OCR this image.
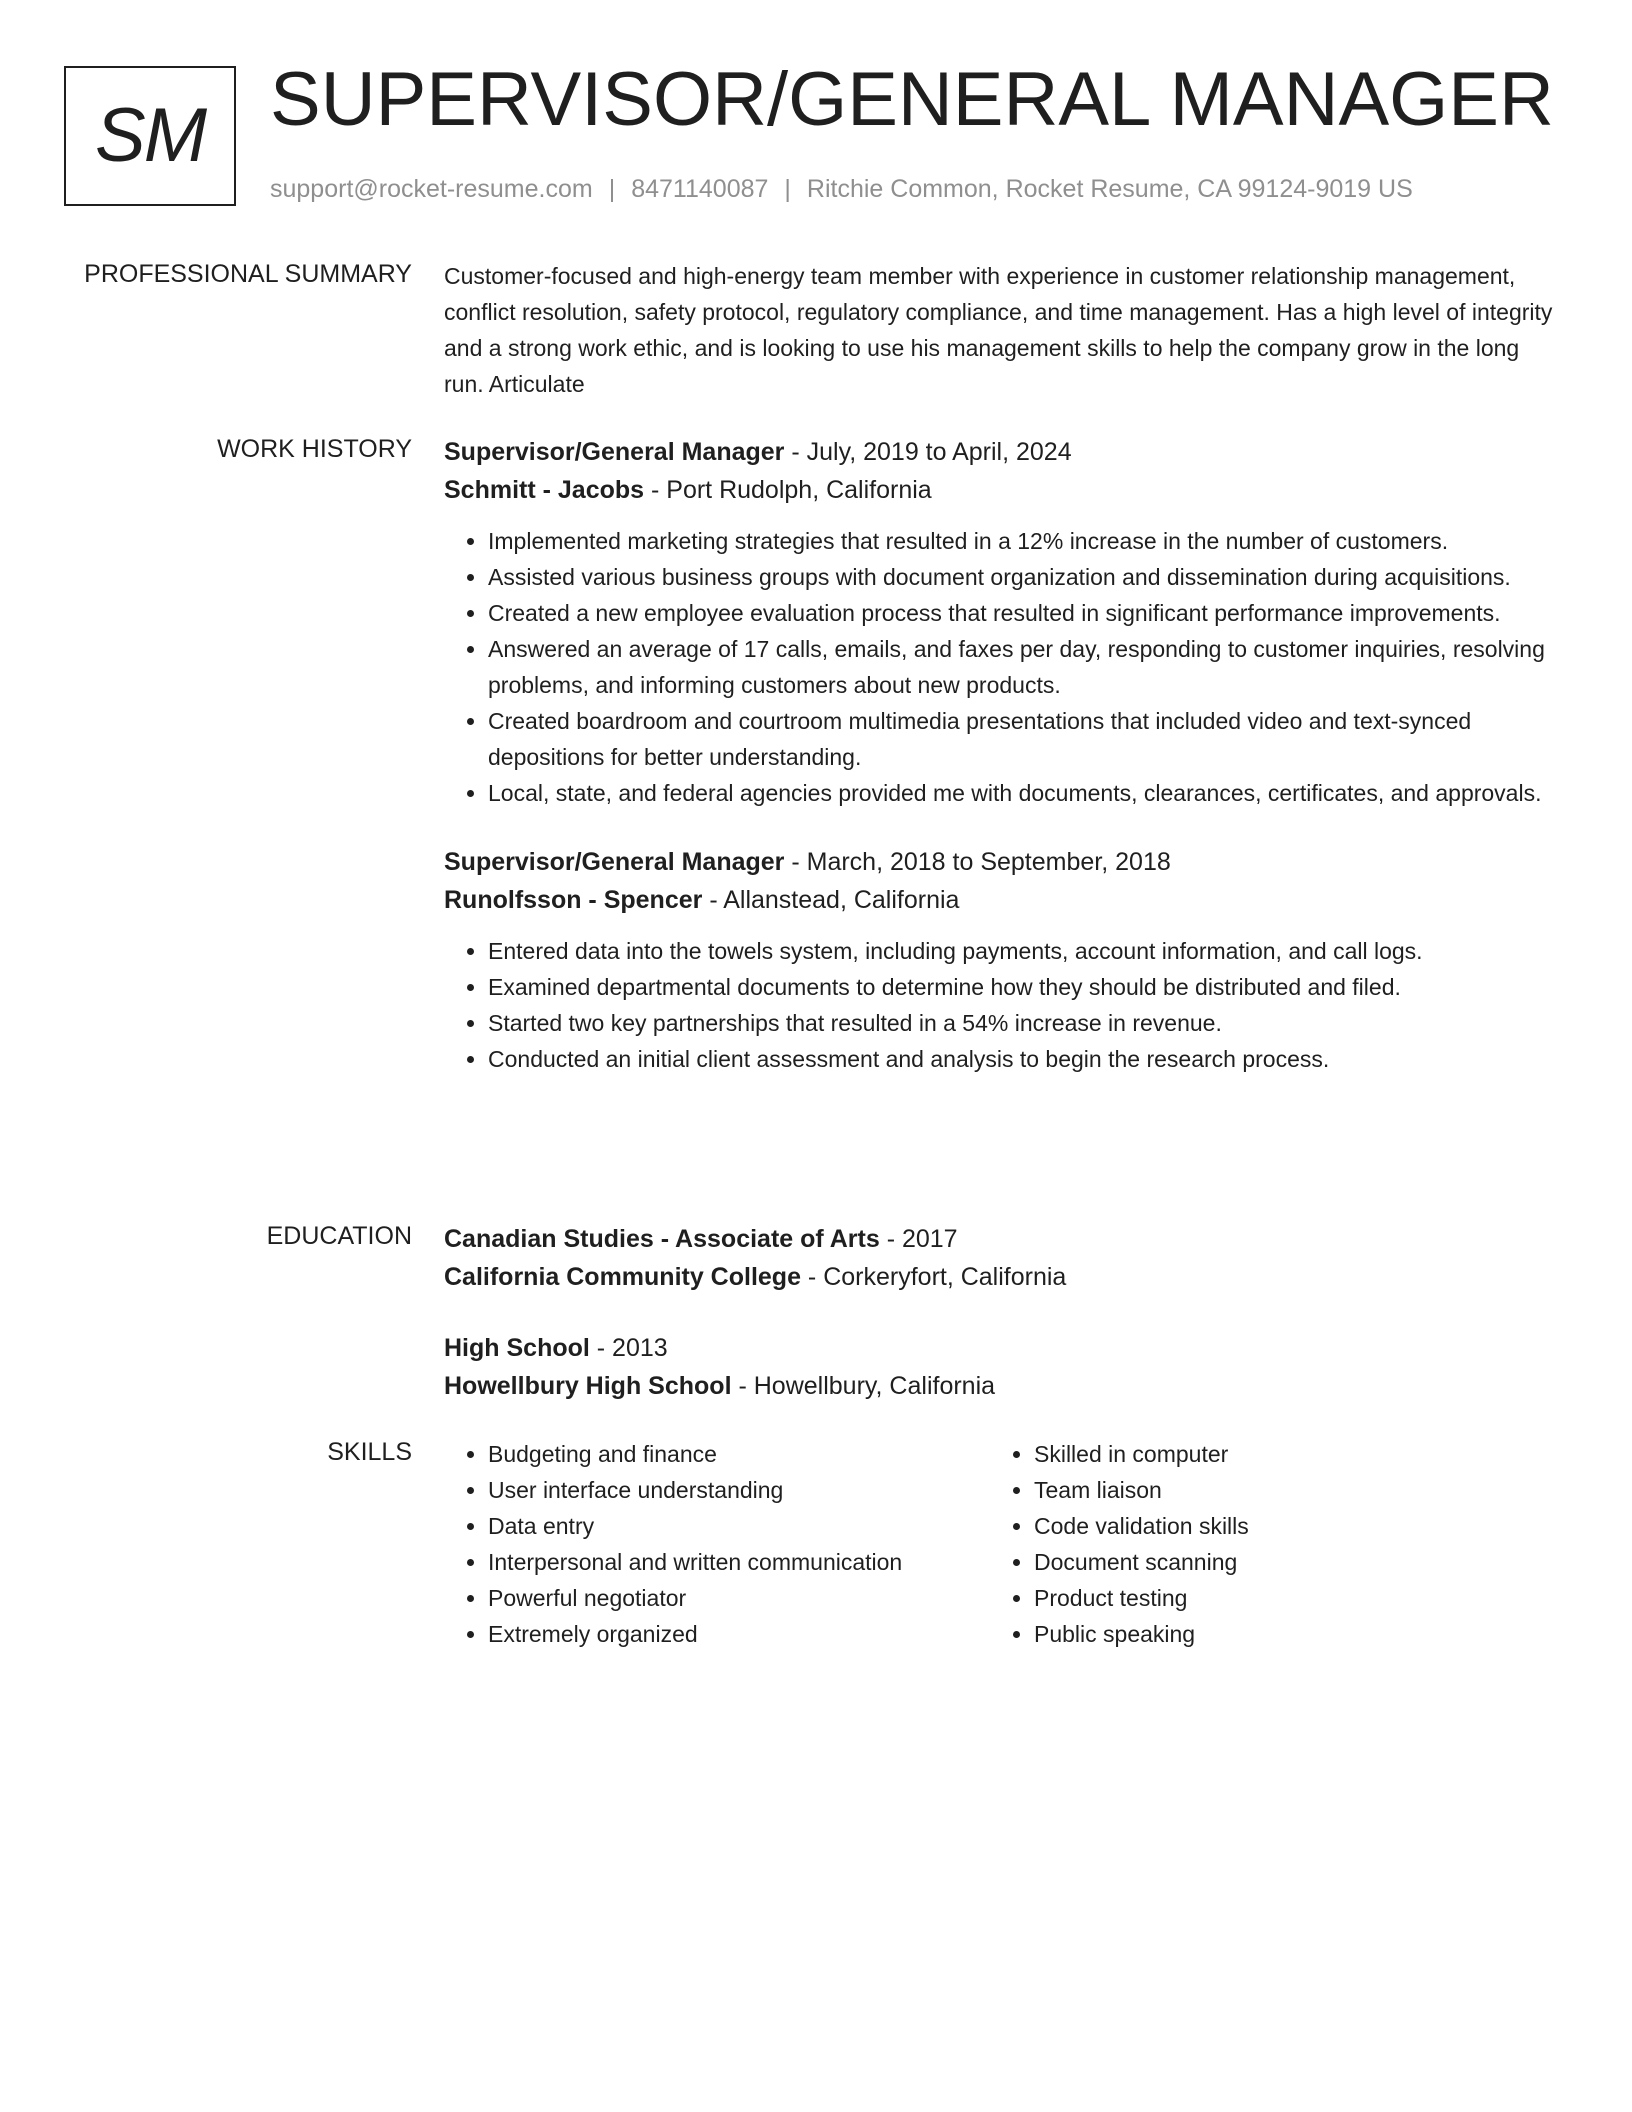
SM SUPERVISOR/GENERAL MANAGER
support@rocket-resume.com | 8471140087 | Ritchie Common, Rocket Resume, CA 99124-9019 US
PROFESSIONAL SUMMARY Customer-focused and high-energy team member with experience in customer relationship management, conflict resolution, safety protocol, regulatory compliance, and time management. Has a high level of integrity and a strong work ethic, and is looking to use his management skills to help the company grow in the long run. Articulate

WORK HISTORY Supervisor/General Manager - July, 2019 to April, 2024
Schmitt - Jacobs - Port Rudolph, California
• Implemented marketing strategies that resulted in a 12% increase in the number of customers.
• Assisted various business groups with document organization and dissemination during acquisitions.
• Created a new employee evaluation process that resulted in significant performance improvements.
• Answered an average of 17 calls, emails, and faxes per day, responding to customer inquiries, resolving problems, and informing customers about new products.
• Created boardroom and courtroom multimedia presentations that included video and text-synced depositions for better understanding.
• Local, state, and federal agencies provided me with documents, clearances, certificates, and approvals.
Supervisor/General Manager - March, 2018 to September, 2018
Runolfsson - Spencer - Allanstead, California
• Entered data into the towels system, including payments, account information, and call logs.
• Examined departmental documents to determine how they should be distributed and filed.
• Started two key partnerships that resulted in a 54% increase in revenue.
• Conducted an initial client assessment and analysis to begin the research process.
EDUCATION Canadian Studies - Associate of Arts - 2017
California Community College - Corkeryfort, California
High School - 2013
Howellbury High School - Howellbury, California
SKILLS
•	Budgeting and finance
• User interface understanding
• Data entry
• Interpersonal and written communication
• Powerful negotiator
• Extremely organized
• Skilled in computer
• Team liaison
• Code validation skills
• Document scanning
• Product testing
• Public speaking
